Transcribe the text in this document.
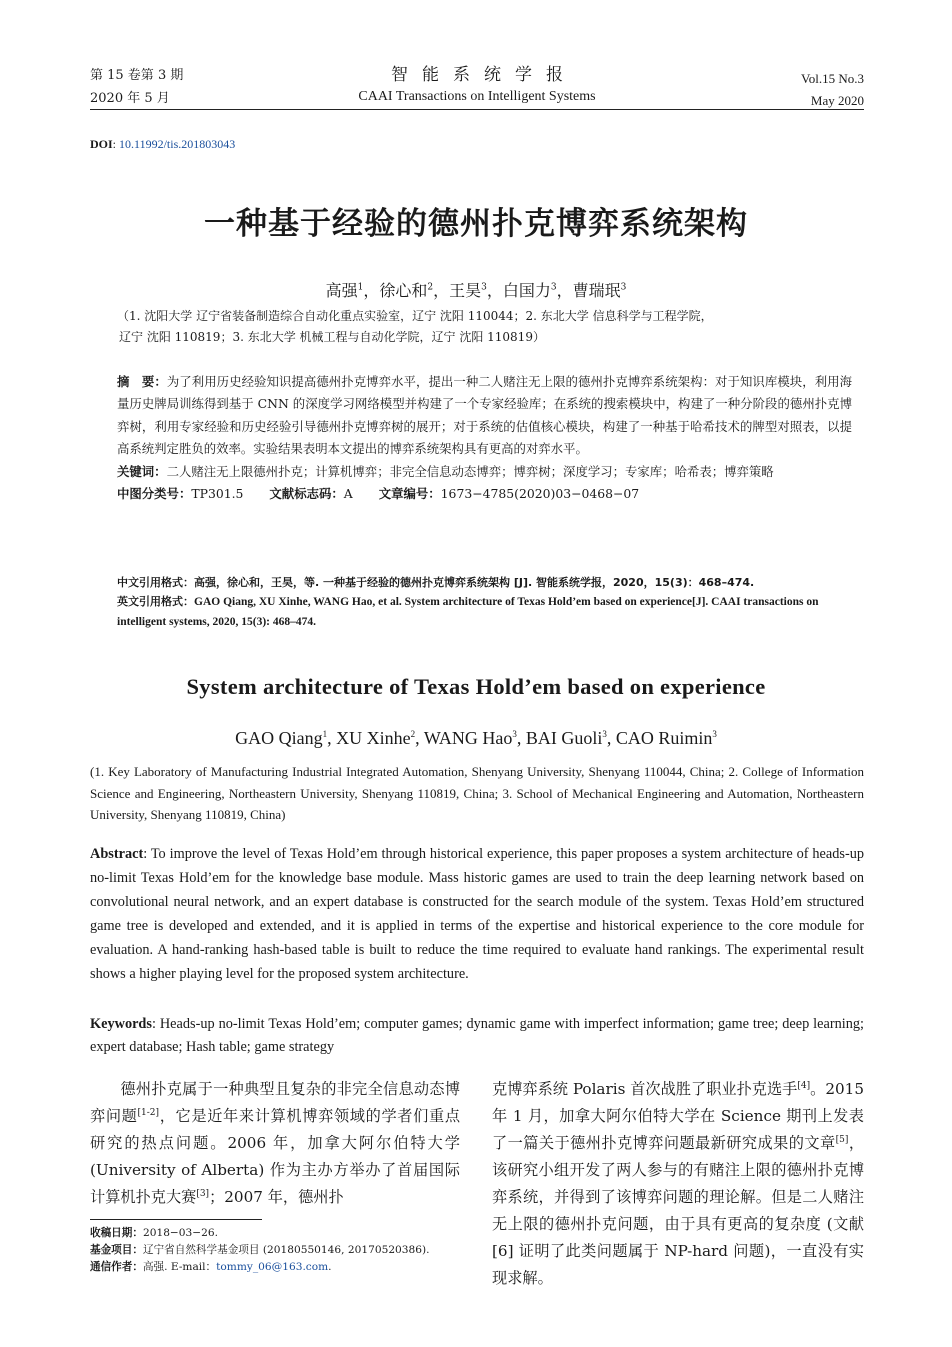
第 15 卷第 3 期
2020 年 5 月
智能系统学报
CAAI Transactions on Intelligent Systems
Vol.15 No.3
May 2020
DOI: 10.11992/tis.201803043
一种基于经验的德州扑克博弈系统架构
高强$^1$，徐心和$^2$，王昊$^3$，白国力$^3$，曹瑞珉$^3$
（1. 沈阳大学 辽宁省装备制造综合自动化重点实验室，辽宁 沈阳 110044；2. 东北大学 信息科学与工程学院，
辽宁 沈阳 110819；3. 东北大学 机械工程与自动化学院，辽宁 沈阳 110819）

摘　要：为了利用历史经验知识提高德州扑克博弈水平，提出一种二人赌注无上限的德州扑克博弈系统架构：对于知识库模块，利用海量历史牌局训练得到基于 CNN 的深度学习网络模型并构建了一个专家经验库；在系统的搜索模块中，构建了一种分阶段的德州扑克博弈树，利用专家经验和历史经验引导德州扑克博弈树的展开；对于系统的估值核心模块，构建了一种基于哈希技术的牌型对照表，以提高系统判定胜负的效率。实验结果表明本文提出的博弈系统架构具有更高的对弈水平。

关键词：二人赌注无上限德州扑克；计算机博弈；非完全信息动态博弈；博弈树；深度学习；专家库；哈希表；博弈策略

中图分类号：TP301.5 文献标志码：A 文章编号：1673−4785(2020)03−0468−07

中文引用格式：高强，徐心和，王昊，等. 一种基于经验的德州扑克博弈系统架构 [J]. 智能系统学报，2020，15(3)：468–474.
英文引用格式：GAO Qiang, XU Xinhe, WANG Hao, et al. System architecture of Texas Hold’em based on experience[J]. CAAI transactions on intelligent systems, 2020, 15(3): 468–474.
System architecture of Texas Hold’em based on experience
GAO Qiang$^1$, XU Xinhe$^2$, WANG Hao$^3$, BAI Guoli$^3$, CAO Ruimin$^3$
(1. Key Laboratory of Manufacturing Industrial Integrated Automation, Shenyang University, Shenyang 110044, China; 2. College of Information Science and Engineering, Northeastern University, Shenyang 110819, China; 3. School of Mechanical Engineering and Automation, Northeastern University, Shenyang 110819, China)
Abstract: To improve the level of Texas Hold’em through historical experience, this paper proposes a system architecture of heads-up no-limit Texas Hold’em for the knowledge base module. Mass historic games are used to train the deep learning network based on convolutional neural network, and an expert database is constructed for the search module of the system. Texas Hold’em structured game tree is developed and extended, and it is applied in terms of the expertise and historical experience to the core module for evaluation. A hand-ranking hash-based table is built to reduce the time required to evaluate hand rankings. The experimental result shows a higher playing level for the proposed system architecture.
Keywords: Heads-up no-limit Texas Hold’em; computer games; dynamic game with imperfect information; game tree; deep learning; expert database; Hash table; game strategy

德州扑克属于一种典型且复杂的非完全信息动态博弈问题[1-2]，它是近年来计算机博弈领域的学者们重点研究的热点问题。2006 年，加拿大阿尔伯特大学 (University of Alberta) 作为主办方举办了首届国际计算机扑克大赛[3]；2007 年，德州扑

克博弈系统 Polaris 首次战胜了职业扑克选手[4]。2015 年 1 月，加拿大阿尔伯特大学在 Science 期刊上发表了一篇关于德州扑克博弈问题最新研究成果的文章[5]，该研究小组开发了两人参与的有赌注上限的德州扑克博弈系统，并得到了该博弈问题的理论解。但是二人赌注无上限的德州扑克问题，由于具有更高的复杂度 (文献 [6] 证明了此类问题属于 NP-hard 问题)，一直没有实现求解。

收稿日期：2018−03−26.
基金项目：辽宁省自然科学基金项目 (20180550146, 20170520386).
通信作者：高强. E-mail：tommy_06@163.com.
